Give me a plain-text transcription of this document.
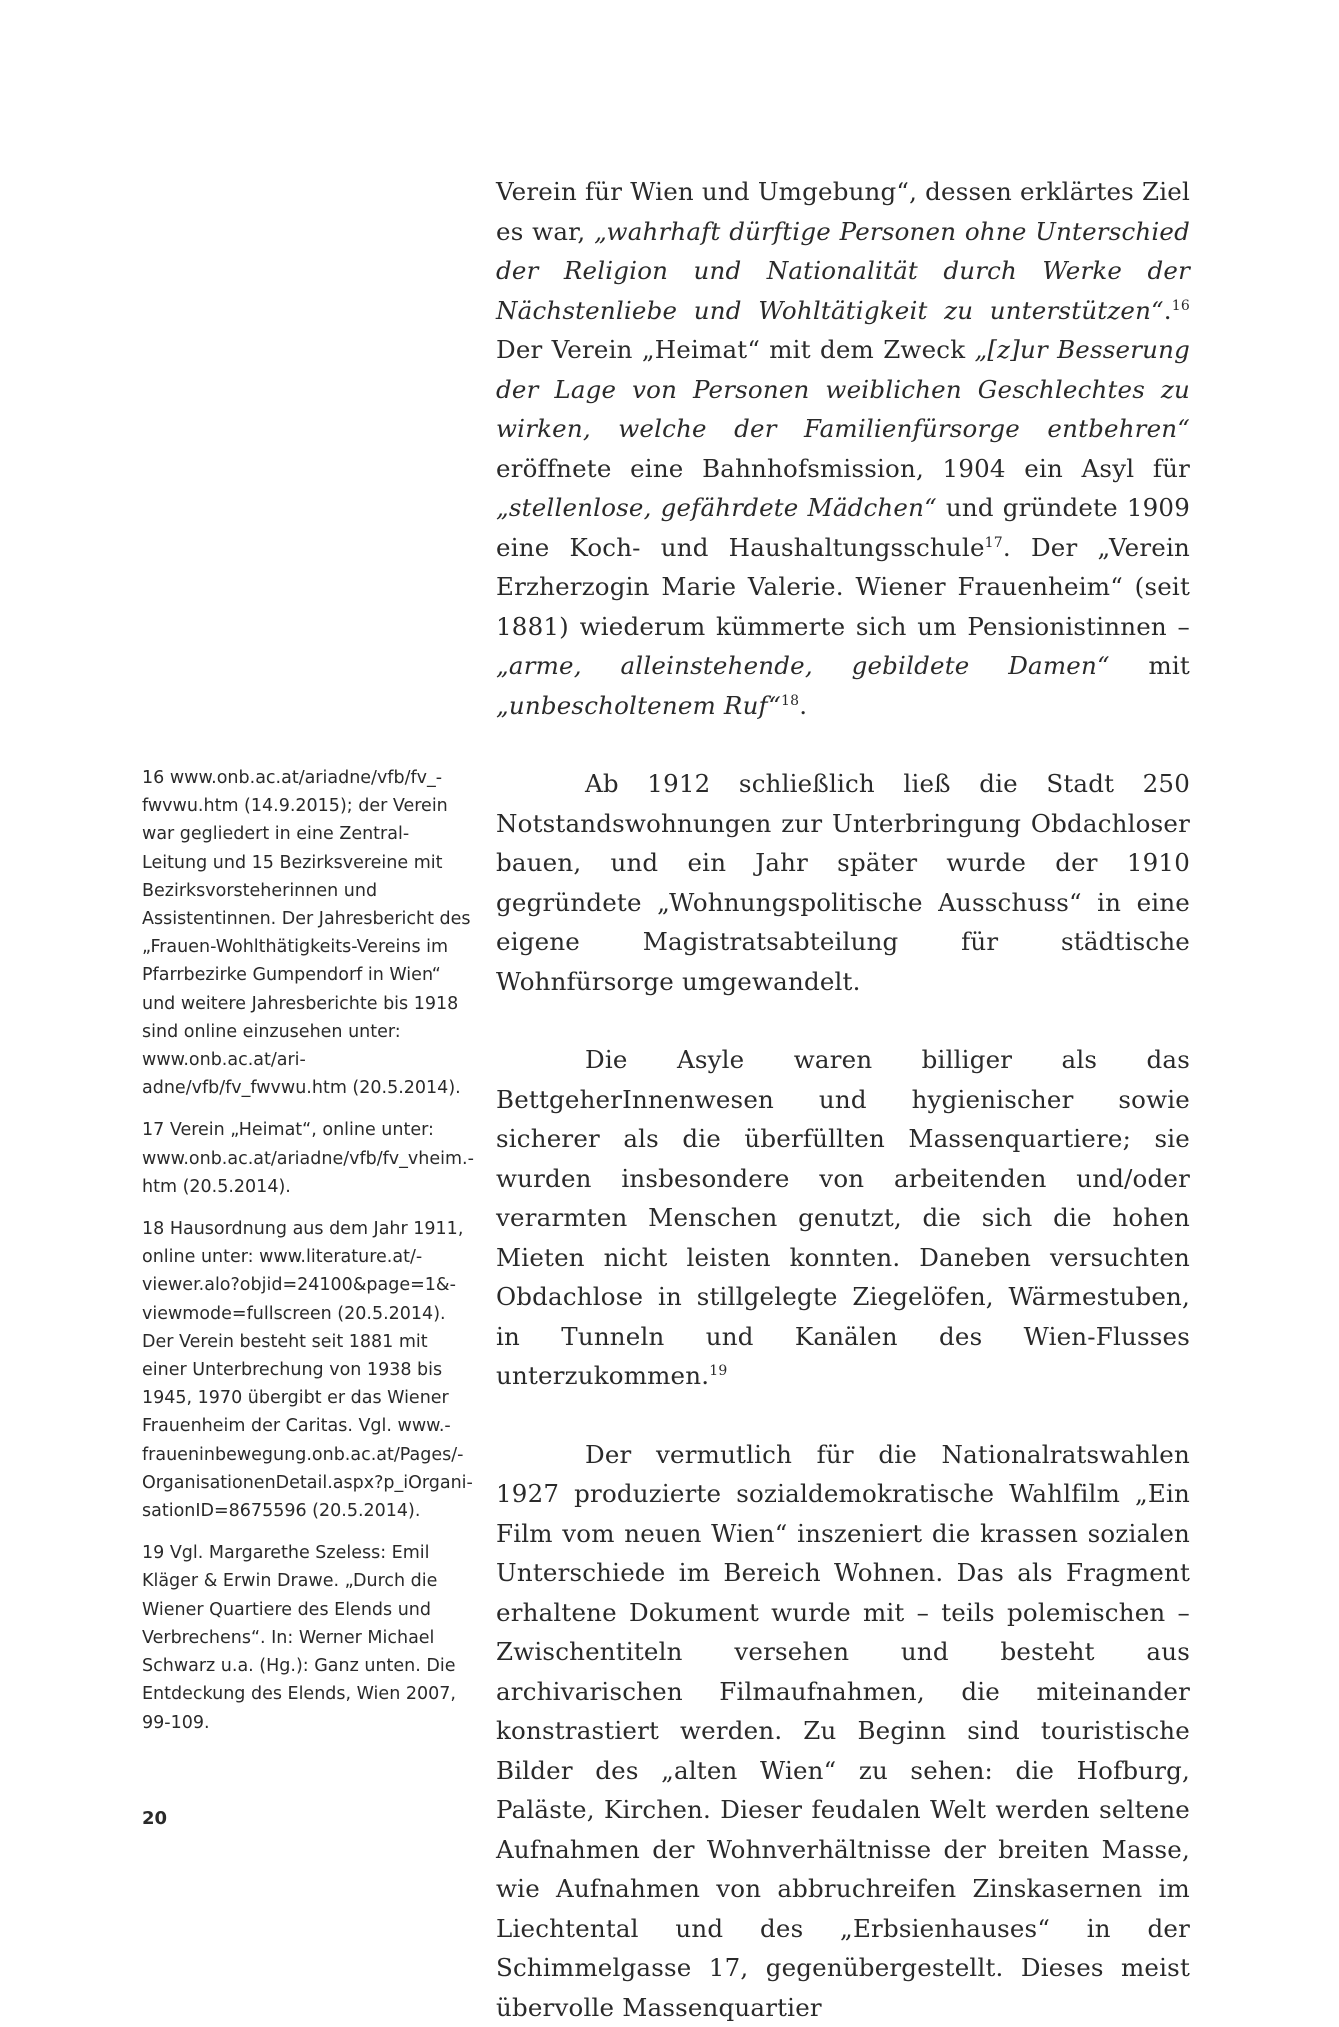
Verein für Wien und Umgebung“, dessen erklärtes Ziel es war, „wahrhaft dürftige Personen ohne Unterschied der Religion und Nationalität durch Werke der Nächstenliebe und Wohltätigkeit zu unterstützen“.$^{16}$ Der Verein „Heimat“ mit dem Zweck „[z]ur Besserung der Lage von Personen weiblichen Geschlechtes zu wirken, welche der Familienfürsorge entbehren“ eröffnete eine Bahnhofsmission, 1904 ein Asyl für „stellenlose, gefährdete Mädchen“ und gründete 1909 eine Koch- und Haushaltungsschule$^{17}$. Der „Verein Erzherzogin Marie Valerie. Wiener Frauenheim“ (seit 1881) wiederum kümmerte sich um Pensionistinnen – „arme, alleinstehende, gebildete Damen“ mit „unbescholtenem Ruf“$^{18}$.

Ab 1912 schließlich ließ die Stadt 250 Notstandswohnungen zur Unterbringung Obdachloser bauen, und ein Jahr später wurde der 1910 gegründete „Wohnungspolitische Ausschuss“ in eine eigene Magistratsabteilung für städtische Wohnfürsorge umgewandelt.

Die Asyle waren billiger als das BettgeherInnenwesen und hygienischer sowie sicherer als die überfüllten Massenquartiere; sie wurden insbesondere von arbeitenden und/oder verarmten Menschen genutzt, die sich die hohen Mieten nicht leisten konnten. Daneben versuchten Obdachlose in stillgelegte Ziegelöfen, Wärmestuben, in Tunneln und Kanälen des Wien-Flusses unterzukommen.$^{19}$

Der vermutlich für die Nationalratswahlen 1927 produzierte sozialdemokratische Wahlfilm „Ein Film vom neuen Wien“ inszeniert die krassen sozialen Unterschiede im Bereich Wohnen. Das als Fragment erhaltene Dokument wurde mit – teils polemischen – Zwischentiteln versehen und besteht aus archivarischen Filmaufnahmen, die miteinander konstrastiert werden. Zu Beginn sind touristische Bilder des „alten Wien“ zu sehen: die Hofburg, Paläste, Kirchen. Dieser feudalen Welt werden seltene Aufnahmen der Wohnverhältnisse der breiten Masse, wie Aufnahmen von abbruchreifen Zinskasernen im Liechtental und des „Erbsienhauses“ in der Schimmelgasse 17, gegenübergestellt. Dieses meist übervolle Massenquartier

16 www.onb.ac.at/ariadne/vfb/fv_fwvwu.htm (14.9.2015); der Verein war gegliedert in eine Zentral-Leitung und 15 Bezirksvereine mit Bezirksvorsteherinnen und Assistentinnen. Der Jahresbericht des „Frauen-Wohlthätigkeits-Vereins im Pfarrbezirke Gumpendorf in Wien“ und weitere Jahresberichte bis 1918 sind online einzusehen unter: www.onb.ac.at/ariadne/vfb/fv_fwvwu.htm (20.5.2014).

17 Verein „Heimat“, online unter: www.onb.ac.at/ariadne/vfb/fv_vheim.htm (20.5.2014).

18 Hausordnung aus dem Jahr 1911, online unter: www.literature.at/viewer.alo?objid=24100&page=1&viewmode=fullscreen (20.5.2014). Der Verein besteht seit 1881 mit einer Unterbrechung von 1938 bis 1945, 1970 übergibt er das Wiener Frauenheim der Caritas. Vgl. www.fraueninbewegung.onb.ac.at/Pages/OrganisationenDetail.aspx?p_iOrganisationID=8675596 (20.5.2014).

19 Vgl. Margarethe Szeless: Emil Kläger & Erwin Drawe. „Durch die Wiener Quartiere des Elends und Verbrechens“. In: Werner Michael Schwarz u.a. (Hg.): Ganz unten. Die Entdeckung des Elends, Wien 2007, 99-109.

20
